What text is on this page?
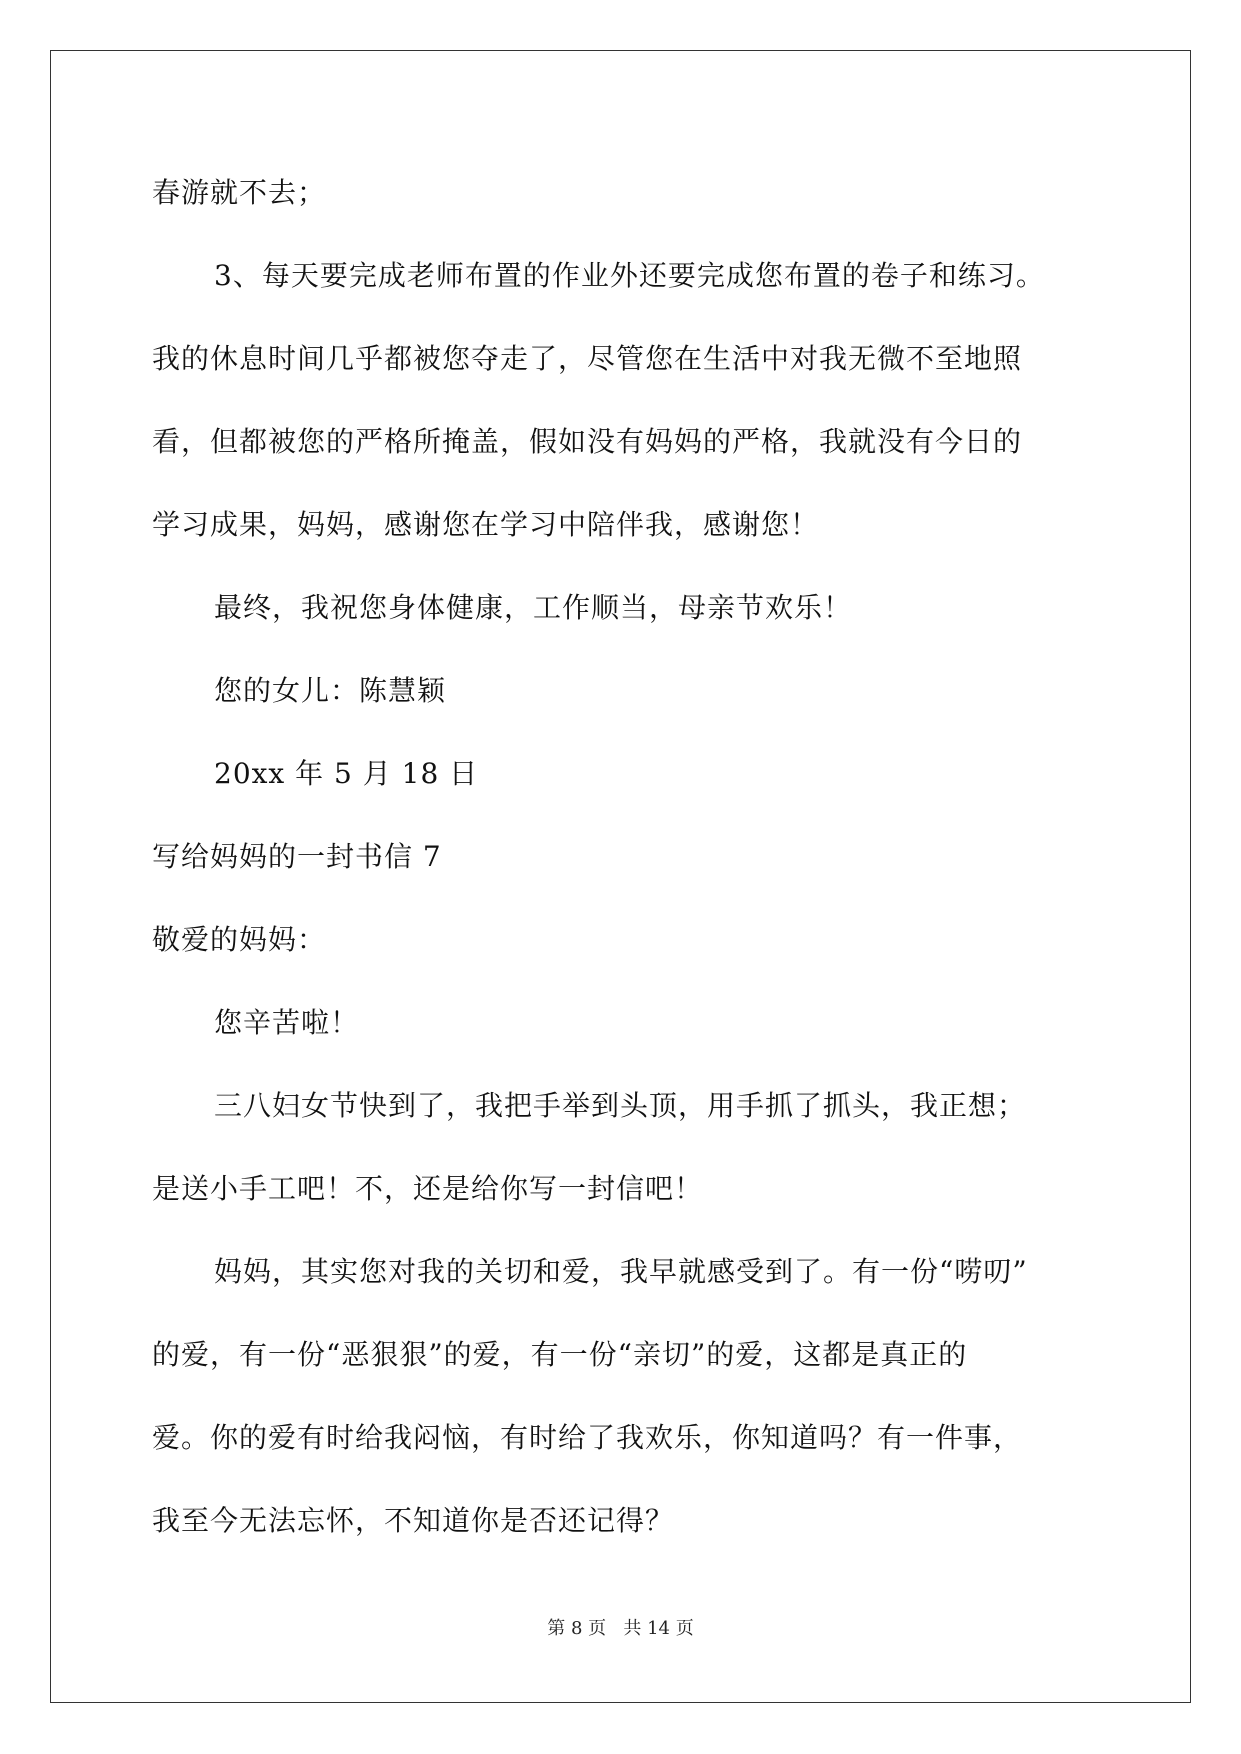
春游就不去；
3、每天要完成老师布置的作业外还要完成您布置的卷子和练习。
我的休息时间几乎都被您夺走了，尽管您在生活中对我无微不至地照
看，但都被您的严格所掩盖，假如没有妈妈的严格，我就没有今日的
学习成果，妈妈，感谢您在学习中陪伴我，感谢您！
最终，我祝您身体健康，工作顺当，母亲节欢乐！
您的女儿：陈慧颖
20xx 年 5 月 18 日
写给妈妈的一封书信 7
敬爱的妈妈：
您辛苦啦！
三八妇女节快到了，我把手举到头顶，用手抓了抓头，我正想；
是送小手工吧！不，还是给你写一封信吧！
妈妈，其实您对我的关切和爱，我早就感受到了。有一份“唠叨”
的爱，有一份“恶狠狠”的爱，有一份“亲切”的爱，这都是真正的
爱。你的爱有时给我闷恼，有时给了我欢乐，你知道吗？有一件事，
我至今无法忘怀，不知道你是否还记得？
第 8 页 共 14 页
